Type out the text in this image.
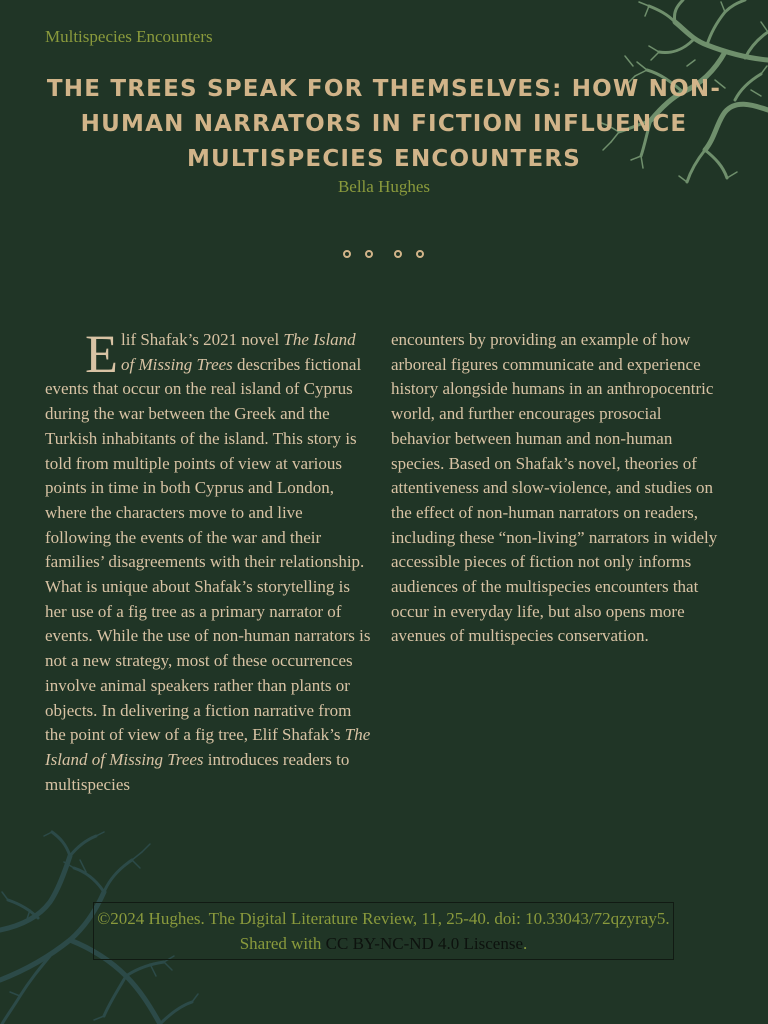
Multispecies Encounters

THE TREES SPEAK FOR THEMSELVES: HOW NON-HUMAN NARRATORS IN FICTION INFLUENCE MULTISPECIES ENCOUNTERS

Bella Hughes

Elif Shafak’s 2021 novel The Island of Missing Trees describes fictional events that occur on the real island of Cyprus during the war between the Greek and the Turkish inhabitants of the island. This story is told from multiple points of view at various points in time in both Cyprus and London, where the characters move to and live following the events of the war and their families’ disagreements with their relationship. What is unique about Shafak’s storytelling is her use of a fig tree as a primary narrator of events. While the use of non-human narrators is not a new strategy, most of these occurrences involve animal speakers rather than plants or objects. In delivering a fiction narrative from the point of view of a fig tree, Elif Shafak’s The Island of Missing Trees introduces readers to multispecies

encounters by providing an example of how arboreal figures communicate and experience history alongside humans in an anthropocentric world, and further encourages prosocial behavior between human and non-human species. Based on Shafak’s novel, theories of attentiveness and slow-violence, and studies on the effect of non-human narrators on readers, including these “non-living” narrators in widely accessible pieces of fiction not only informs audiences of the multispecies encounters that occur in everyday life, but also opens more avenues of multispecies conservation.

©2024 Hughes. The Digital Literature Review, 11, 25-40. doi: 10.33043/72qzyray5. Shared with CC BY-NC-ND 4.0 Liscense.
